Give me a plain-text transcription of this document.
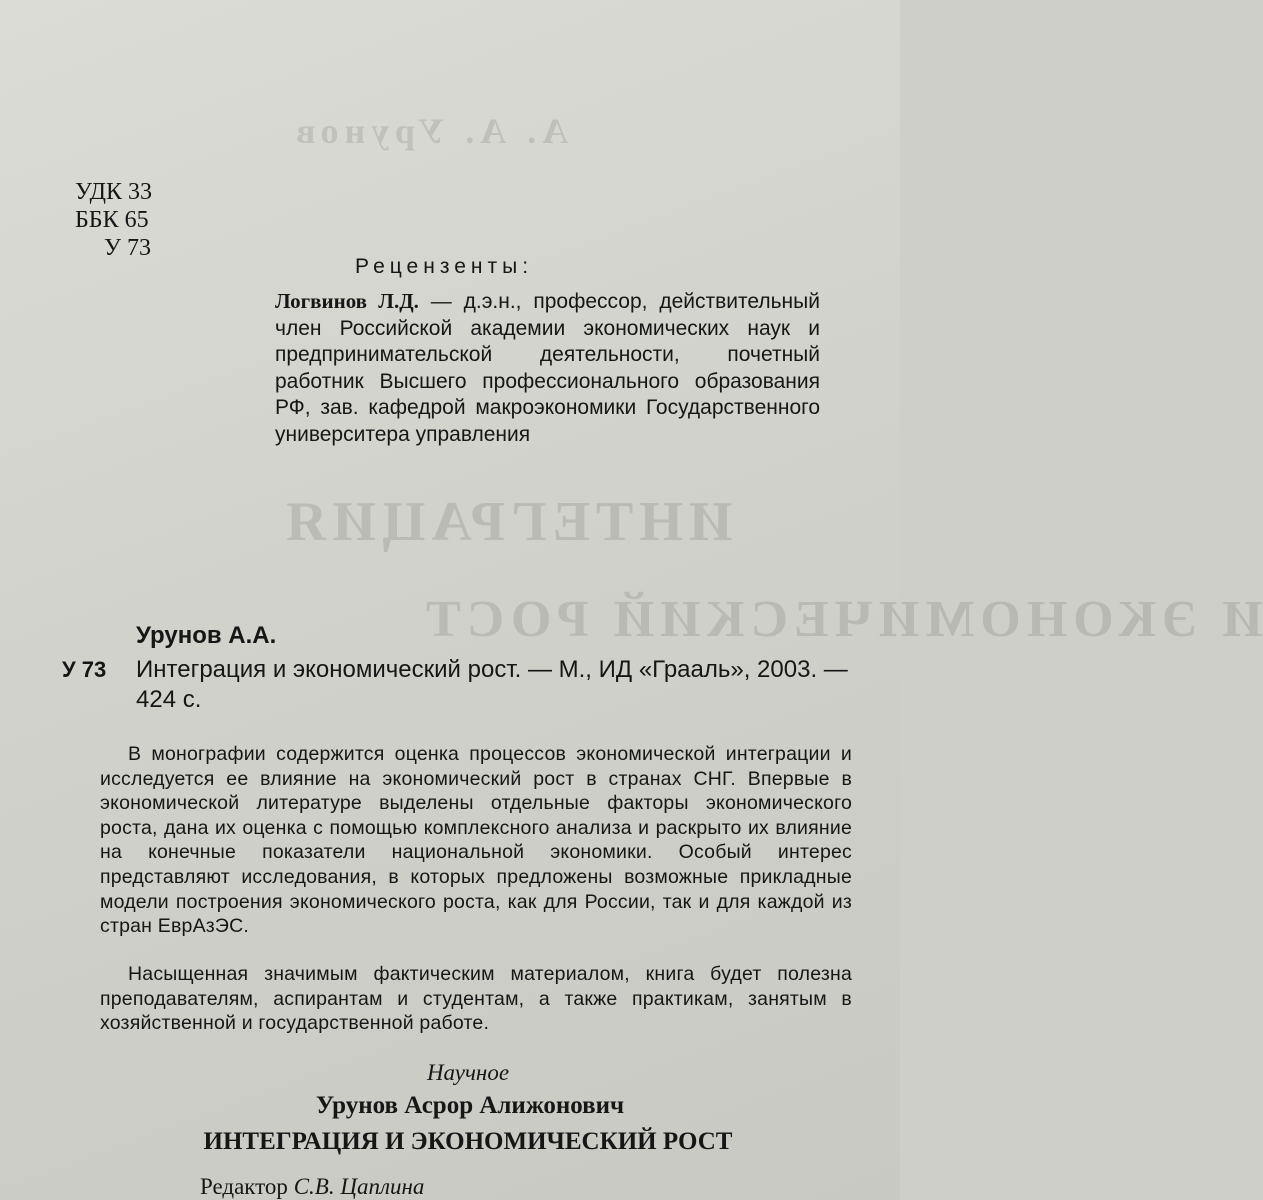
А. А. Урунов
ИНТЕГРАЦИЯ
И ЭКОНОМИЧЕСКИЙ РОСТ
УДК 33
ББК 65
У 73
Рецензенты:
Логвинов Л.Д. — д.э.н., профессор, действительный член Российской академии экономических наук и предпринимательской деятельности, почетный работник Высшего профессионального образования РФ, зав. кафедрой макроэкономики Государственного университера управления
Урунов А.А.
У 73 Интеграция и экономический рост. — М., ИД «Грааль», 2003. — 424 с.
В монографии содержится оценка процессов экономической интеграции и исследуется ее влияние на экономический рост в странах СНГ. Впервые в экономической литературе выделены отдельные факторы экономического роста, дана их оценка с помощью комплексного анализа и раскрыто их влияние на конечные показатели национальной экономики. Особый интерес представляют исследования, в которых предложены возможные прикладные модели построения экономического роста, как для России, так и для каждой из стран ЕврАзЭС.
Насыщенная значимым фактическим материалом, книга будет полезна преподавателям, аспирантам и студентам, а также практикам, занятым в хозяйственной и государственной работе.
Научное
Урунов Асрор Алижонович
ИНТЕГРАЦИЯ И ЭКОНОМИЧЕСКИЙ РОСТ
Редактор С.В. Цаплина
